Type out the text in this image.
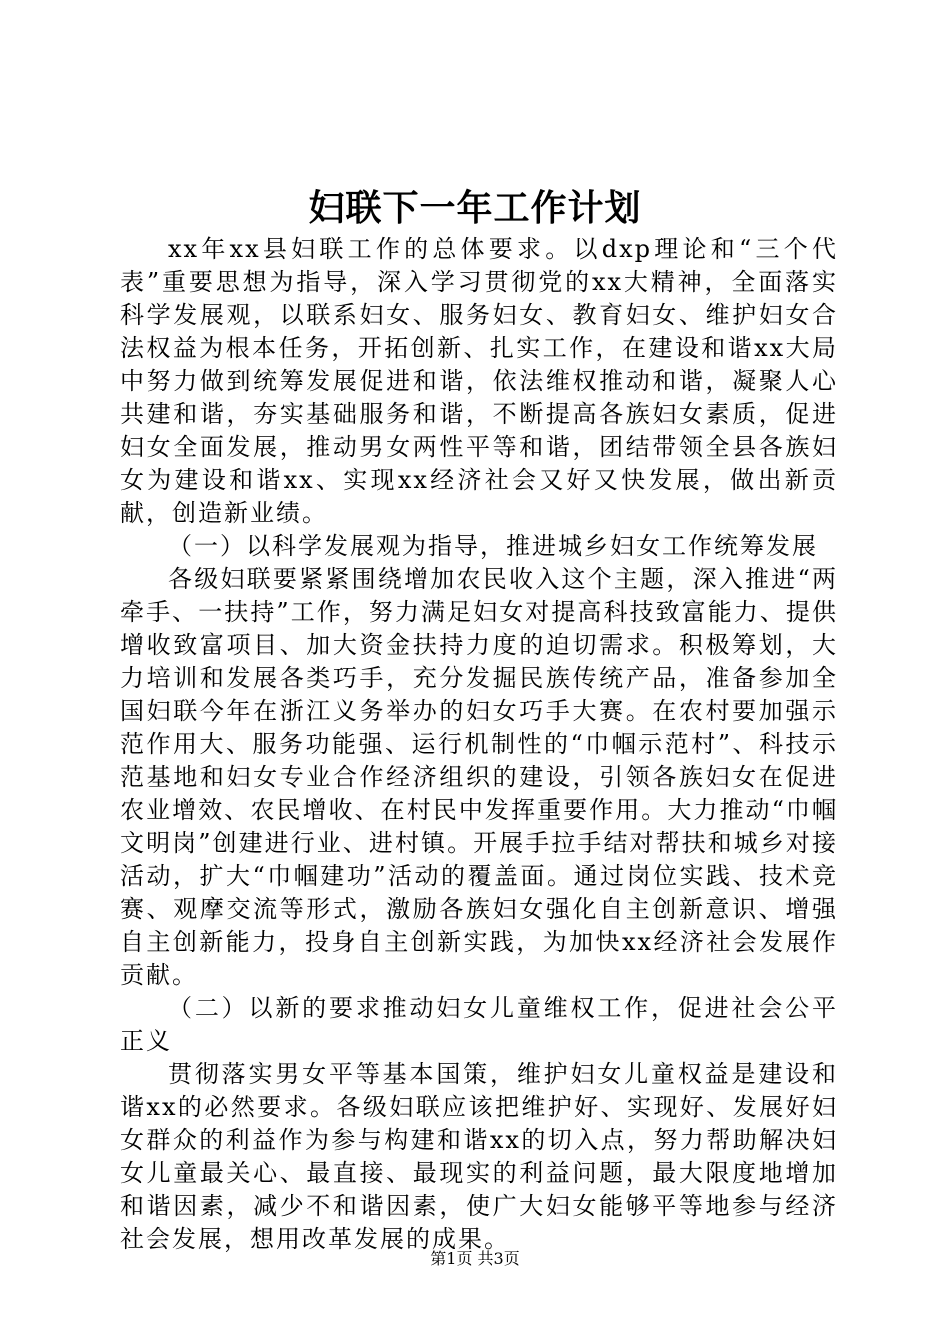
妇联下一年工作计划

xx年xx县妇联工作的总体要求。以dxp理论和“三个代表”重要思想为指导，深入学习贯彻党的xx大精神，全面落实科学发展观，以联系妇女、服务妇女、教育妇女、维护妇女合法权益为根本任务，开拓创新、扎实工作，在建设和谐xx大局中努力做到统筹发展促进和谐，依法维权推动和谐，凝聚人心共建和谐，夯实基础服务和谐，不断提高各族妇女素质，促进妇女全面发展，推动男女两性平等和谐，团结带领全县各族妇女为建设和谐xx、实现xx经济社会又好又快发展，做出新贡献，创造新业绩。

（一）以科学发展观为指导，推进城乡妇女工作统筹发展

各级妇联要紧紧围绕增加农民收入这个主题，深入推进“两牵手、一扶持”工作，努力满足妇女对提高科技致富能力、提供增收致富项目、加大资金扶持力度的迫切需求。积极筹划，大力培训和发展各类巧手，充分发掘民族传统产品，准备参加全国妇联今年在浙江义务举办的妇女巧手大赛。在农村要加强示范作用大、服务功能强、运行机制性的“巾帼示范村”、科技示范基地和妇女专业合作经济组织的建设，引领各族妇女在促进农业增效、农民增收、在村民中发挥重要作用。大力推动“巾帼文明岗”创建进行业、进村镇。开展手拉手结对帮扶和城乡对接活动，扩大“巾帼建功”活动的覆盖面。通过岗位实践、技术竞赛、观摩交流等形式，激励各族妇女强化自主创新意识、增强自主创新能力，投身自主创新实践，为加快xx经济社会发展作贡献。

（二）以新的要求推动妇女儿童维权工作，促进社会公平正义

贯彻落实男女平等基本国策，维护妇女儿童权益是建设和谐xx的必然要求。各级妇联应该把维护好、实现好、发展好妇女群众的利益作为参与构建和谐xx的切入点，努力帮助解决妇女儿童最关心、最直接、最现实的利益问题，最大限度地增加和谐因素，减少不和谐因素，使广大妇女能够平等地参与经济社会发展，想用改革发展的成果。

第1页 共3页
